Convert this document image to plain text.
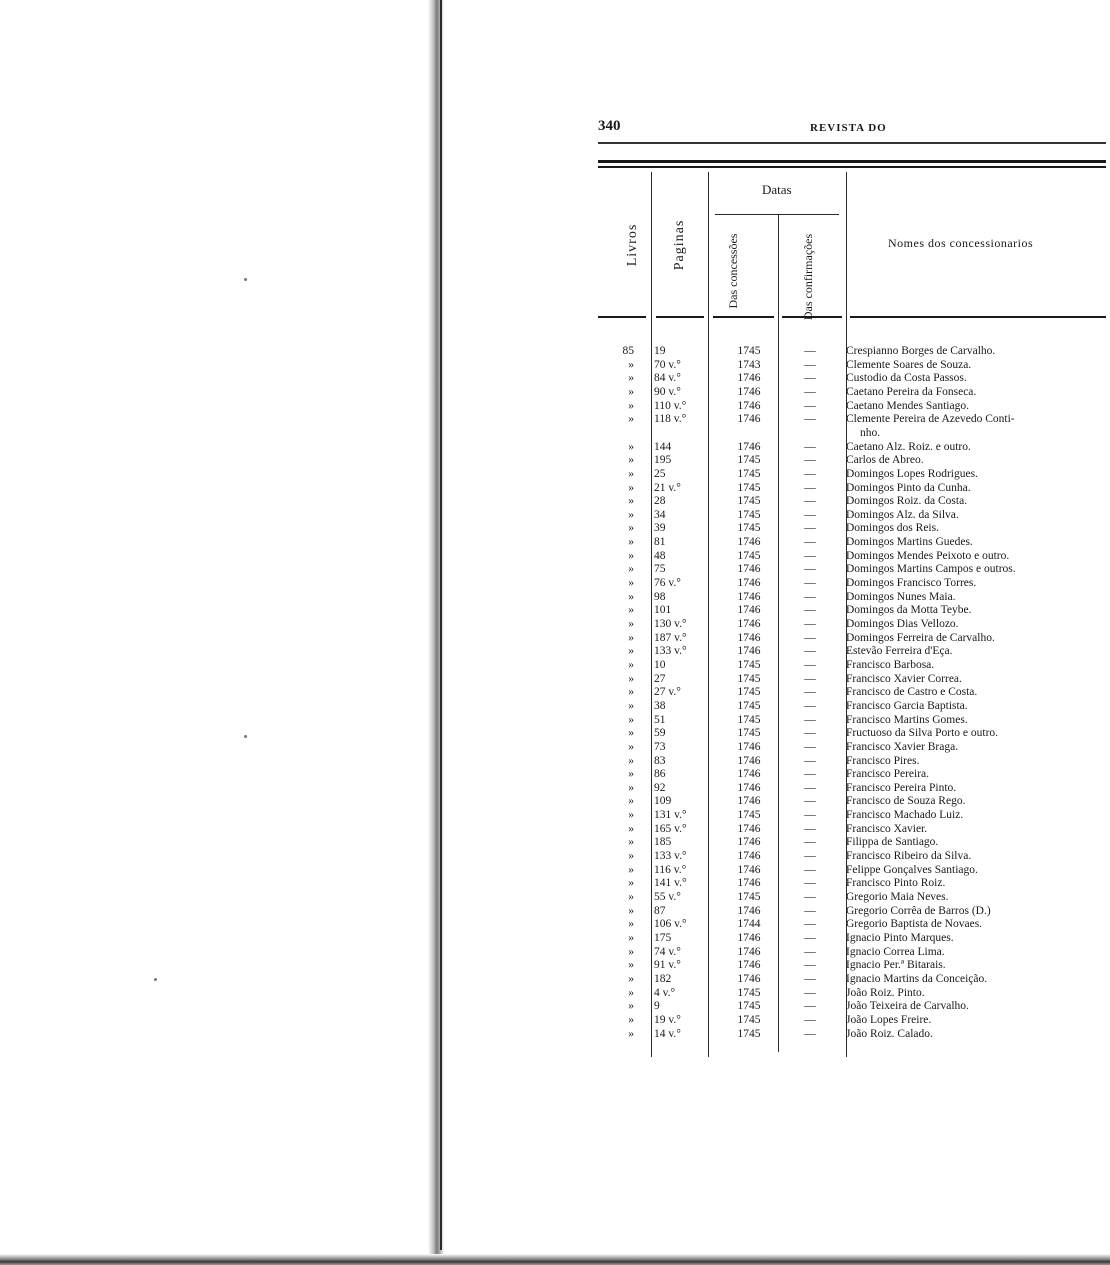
340	REVISTA DO
Livros Paginas
Datas
Das concessões	Das confirmações	Nomes dos concessionarios
85 19	1745	—	Crespianno Borges de Carvalho.
» 70 v.°	1743	—	Clemente Soares de Souza.
» 84 v.°	1746	—	Custodio da Costa Passos.
» 90 v.°	1746	—	Caetano Pereira da Fonseca.
» 110 v.°	1746	—	Caetano Mendes Santiago.
» 118 v.°	1746	—	Clemente Pereira de Azevedo Conti-
nho.
» 144	1746	—	Caetano Alz. Roiz. e outro.
» 195	1745	—	Carlos de Abreo.
» 25	1745	—	Domingos Lopes Rodrigues.
» 21 v.°	1745	—	Domingos Pinto da Cunha.
» 28	1745	—	Domingos Roiz. da Costa.
» 34	1745	—	Domingos Alz. da Silva.
» 39	1745	—	Domingos dos Reis.
» 81	1746	—	Domingos Martins Guedes.
» 48	1745	—	Domingos Mendes Peixoto e outro.
» 75	1746	—	Domingos Martins Campos e outros.
» 76 v.°	1746	—	Domingos Francisco Torres.
» 98	1746	—	Domingos Nunes Maia.
» 101	1746	—	Domingos da Motta Teybe.
» 130 v.°	1746	—	Domingos Dias Vellozo.
» 187 v.°	1746	—	Domingos Ferreira de Carvalho.
» 133 v.°	1746	—	Estevão Ferreira d'Eça.
» 10	1745	—	Francisco Barbosa.
» 27	1745	—	Francisco Xavier Correa.
» 27 v.°	1745	—	Francisco de Castro e Costa.
» 38	1745	—	Francisco Garcia Baptista.
» 51	1745	—	Francisco Martins Gomes.
» 59	1745	—	Fructuoso da Silva Porto e outro.
» 73	1746	—	Francisco Xavier Braga.
» 83	1746	—	Francisco Pires.
» 86	1746	—	Francisco Pereira.
» 92	1746	—	Francisco Pereira Pinto.
» 109	1746	—	Francisco de Souza Rego.
» 131 v.°	1745	—	Francisco Machado Luiz.
» 165 v.°	1746	—	Francisco Xavier.
» 185	1746	—	Filippa de Santiago.
» 133 v.°	1746	—	Francisco Ribeiro da Silva.
» 116 v.°	1746	—	Felippe Gonçalves Santiago.
» 141 v.°	1746	—	Francisco Pinto Roiz.
» 55 v.°	1745	—	Gregorio Maia Neves.
» 87	1746	—	Gregorio Corrêa de Barros (D.)
» 106 v.°	1744	—	Gregorio Baptista de Novaes.
» 175	1746	—	Ignacio Pinto Marques.
» 74 v.°	1746	—	Ignacio Correa Lima.
» 91 v.°	1746	—	Ignacio Per.ª Bitarais.
» 182	1746	—	Ignacio Martins da Conceição.
» 4 v.°	1745	—	João Roiz. Pinto.
» 9	1745	—	João Teixeira de Carvalho.
» 19 v.°	1745	—	João Lopes Freire.
» 14 v.°	1745	—	João Roiz. Calado.
